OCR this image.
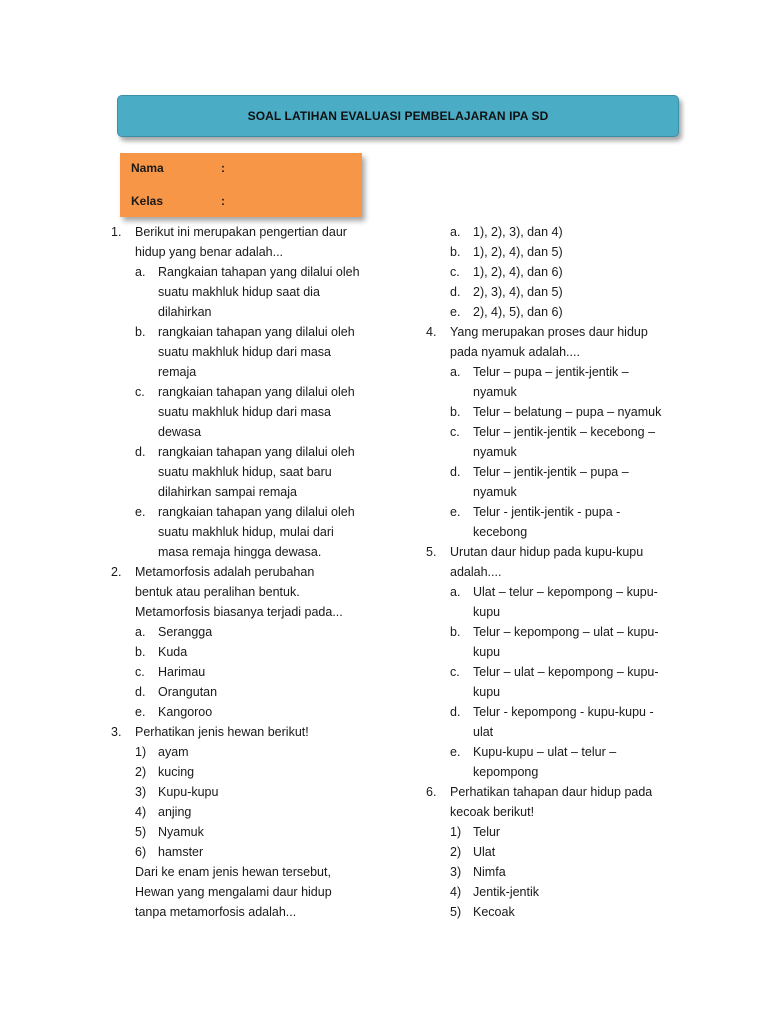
SOAL LATIHAN EVALUASI PEMBELAJARAN IPA SD
Nama	:
Kelas	:
1. Berikut ini merupakan pengertian daur
hidup yang benar adalah...
a. Rangkaian tahapan yang dilalui oleh
suatu makhluk hidup saat dia
dilahirkan
b. rangkaian tahapan yang dilalui oleh
suatu makhluk hidup dari masa
remaja
c. rangkaian tahapan yang dilalui oleh
suatu makhluk hidup dari masa
dewasa
d. rangkaian tahapan yang dilalui oleh
suatu makhluk hidup, saat baru
dilahirkan sampai remaja
e. rangkaian tahapan yang dilalui oleh
suatu makhluk hidup, mulai dari
masa remaja hingga dewasa.
2. Metamorfosis adalah perubahan
bentuk atau peralihan bentuk.
Metamorfosis biasanya terjadi pada...
a. Serangga
b. Kuda
c. Harimau
d. Orangutan
e. Kangoroo
3. Perhatikan jenis hewan berikut!
1) ayam
2) kucing
3) Kupu-kupu
4) anjing
5) Nyamuk
6) hamster
Dari ke enam jenis hewan tersebut,
Hewan yang mengalami daur hidup
tanpa metamorfosis adalah...
a. 1), 2), 3), dan 4)
b. 1), 2), 4), dan 5)
c. 1), 2), 4), dan 6)
d. 2), 3), 4), dan 5)
e. 2), 4), 5), dan 6)
4. Yang merupakan proses daur hidup
pada nyamuk adalah....
a. Telur – pupa – jentik-jentik –
nyamuk
b. Telur – belatung – pupa – nyamuk
c. Telur – jentik-jentik – kecebong –
nyamuk
d. Telur – jentik-jentik – pupa –
nyamuk
e. Telur - jentik-jentik - pupa -
kecebong
5. Urutan daur hidup pada kupu-kupu
adalah....
a. Ulat – telur – kepompong – kupu-
kupu
b. Telur – kepompong – ulat – kupu-
kupu
c. Telur – ulat – kepompong – kupu-
kupu
d. Telur - kepompong - kupu-kupu -
ulat
e. Kupu-kupu – ulat – telur –
kepompong
6. Perhatikan tahapan daur hidup pada
kecoak berikut!
1) Telur
2) Ulat
3) Nimfa
4) Jentik-jentik
5) Kecoak
